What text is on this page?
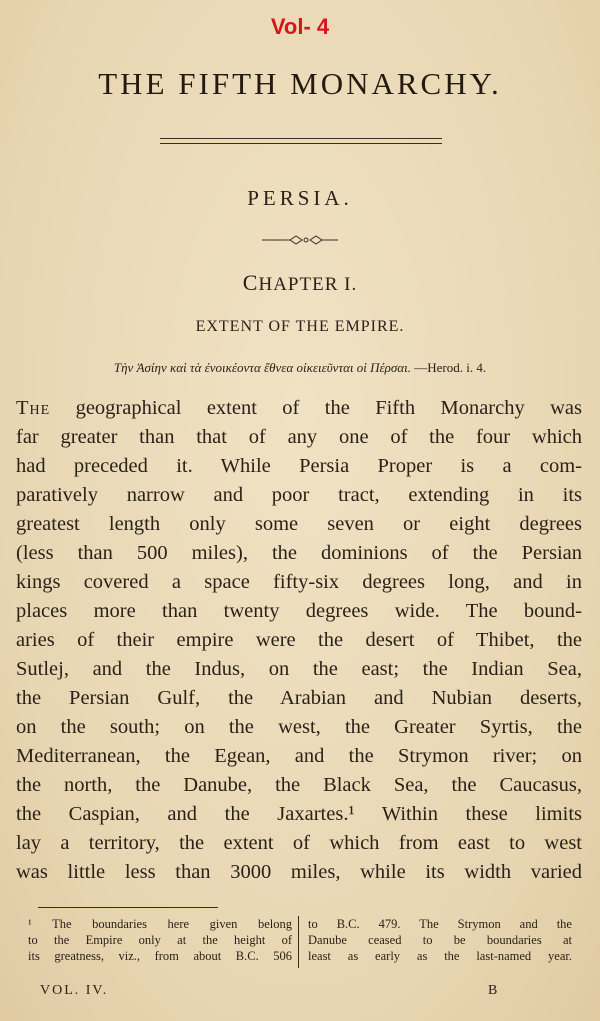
Vol- 4
THE FIFTH MONARCHY.
PERSIA.
CHAPTER I.
EXTENT OF THE EMPIRE.
Τὴν Ἀσίην καὶ τὰ ἐνοικέοντα ἔθνεα οἰκειεῦνται οἱ Πέρσαι. —Herod. i. 4.
The geographical extent of the Fifth Monarchy was
far greater than that of any one of the four which
had preceded it. While Persia Proper is a com-
paratively narrow and poor tract, extending in its
greatest length only some seven or eight degrees
(less than 500 miles), the dominions of the Persian
kings covered a space fifty-six degrees long, and in
places more than twenty degrees wide. The bound-
aries of their empire were the desert of Thibet, the
Sutlej, and the Indus, on the east; the Indian Sea,
the Persian Gulf, the Arabian and Nubian deserts,
on the south; on the west, the Greater Syrtis, the
Mediterranean, the Egean, and the Strymon river; on
the north, the Danube, the Black Sea, the Caucasus,
the Caspian, and the Jaxartes.¹ Within these limits
lay a territory, the extent of which from east to west
was little less than 3000 miles, while its width varied
¹ The boundaries here given belong
to the Empire only at the height of
its greatness, viz., from about B.C. 506
to B.C. 479. The Strymon and the
Danube ceased to be boundaries at
least as early as the last-named year.
VOL. IV.	B
